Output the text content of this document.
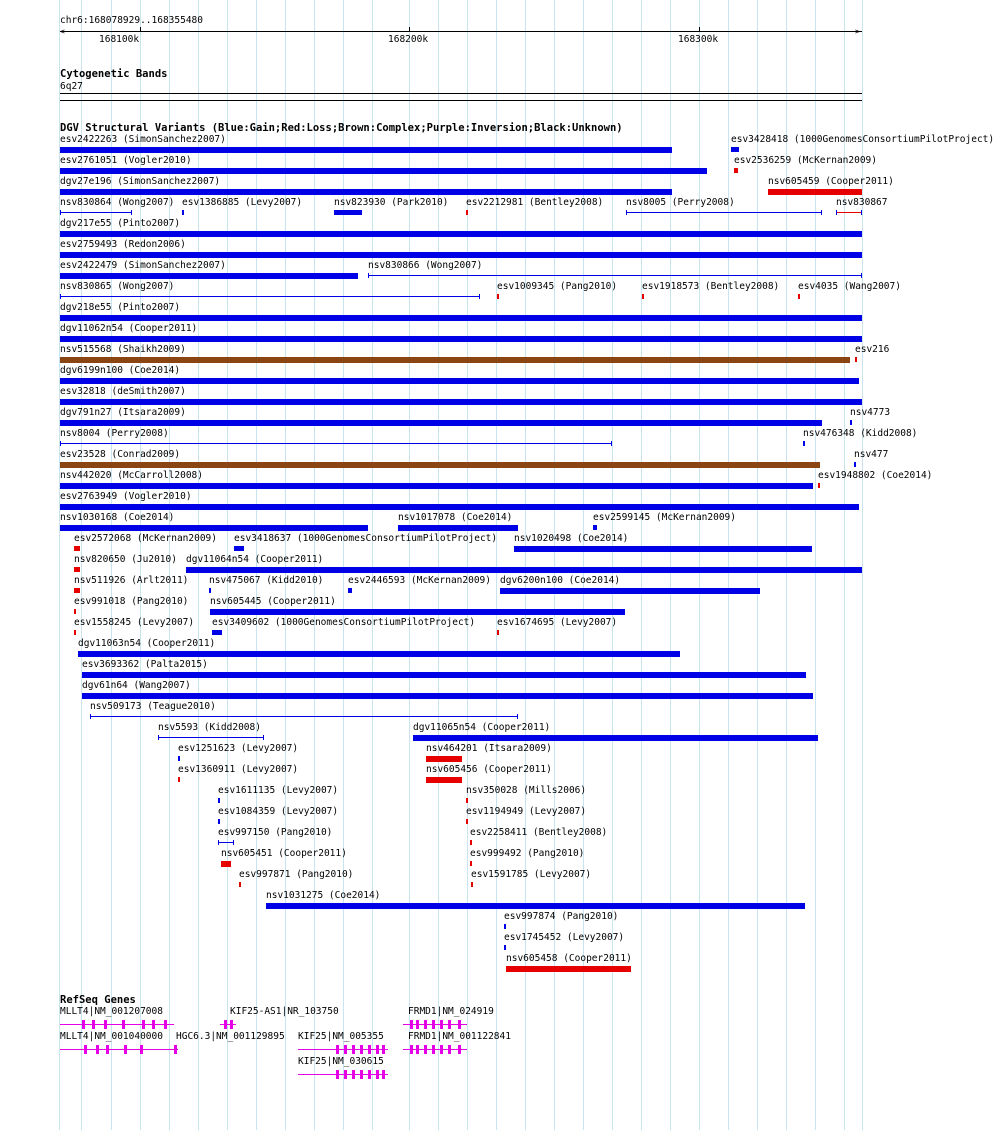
chr6:168078929..168355480
<	>
168100k	168200k	168300k
Cytogenetic Bands
6q27
DGV Structural Variants (Blue:Gain;Red:Loss;Brown:Complex;Purple:Inversion;Black:Unknown)
esv2422263 (SimonSanchez2007)	esv3428418 (1000GenomesConsortiumPilotProject)
esv2761051 (Vogler2010)	esv2536259 (McKernan2009)
dgv27e196 (SimonSanchez2007)	nsv605459 (Cooper2011)
nsv830864 (Wong2007) esv1386885 (Levy2007)	nsv823930 (Park2010) esv2212981 (Bentley2008) nsv8005 (Perry2008)	nsv830867
dgv217e55 (Pinto2007)
esv2759493 (Redon2006)
esv2422479 (SimonSanchez2007)	nsv830866 (Wong2007)
nsv830865 (Wong2007)	esv1009345 (Pang2010)	esv1918573 (Bentley2008) esv4035 (Wang2007)
dgv218e55 (Pinto2007)
dgv11062n54 (Cooper2011)
nsv515568 (Shaikh2009)	esv216
dgv6199n100 (Coe2014)
esv32818 (deSmith2007)
dgv791n27 (Itsara2009)	nsv4773
nsv8004 (Perry2008)	nsv476348 (Kidd2008)
esv23528 (Conrad2009)	nsv477
nsv442020 (McCarroll2008)	esv1948802 (Coe2014)
esv2763949 (Vogler2010)
nsv1030168 (Coe2014)	nsv1017078 (Coe2014)	esv2599145 (McKernan2009)
esv2572068 (McKernan2009) esv3418637 (1000GenomesConsortiumPilotProject) nsv1020498 (Coe2014)
nsv820650 (Ju2010) dgv11064n54 (Cooper2011)
nsv511926 (Arlt2011) nsv475067 (Kidd2010)	esv2446593 (McKernan2009) dgv6200n100 (Coe2014)
esv991018 (Pang2010) nsv605445 (Cooper2011)
esv1558245 (Levy2007) esv3409602 (1000GenomesConsortiumPilotProject) esv1674695 (Levy2007)
dgv11063n54 (Cooper2011)
esv3693362 (Palta2015)
dgv61n64 (Wang2007)
nsv509173 (Teague2010)
nsv5593 (Kidd2008)	dgv11065n54 (Cooper2011)
esv1251623 (Levy2007)	nsv464201 (Itsara2009)
esv1360911 (Levy2007)	nsv605456 (Cooper2011)
esv1611135 (Levy2007)	nsv350028 (Mills2006)
esv1084359 (Levy2007)	esv1194949 (Levy2007)
esv997150 (Pang2010)	esv2258411 (Bentley2008)
nsv605451 (Cooper2011)	esv999492 (Pang2010)
esv997871 (Pang2010)	esv1591785 (Levy2007)
nsv1031275 (Coe2014)
esv997874 (Pang2010)
esv1745452 (Levy2007)
nsv605458 (Cooper2011)
RefSeq Genes
MLLT4|NM_001207008	KIF25-AS1|NR_103750	FRMD1|NM_024919
MLLT4|NM_001040000 HGC6.3|NM_001129895 KIF25|NM_005355	FRMD1|NM_001122841
KIF25|NM_030615
